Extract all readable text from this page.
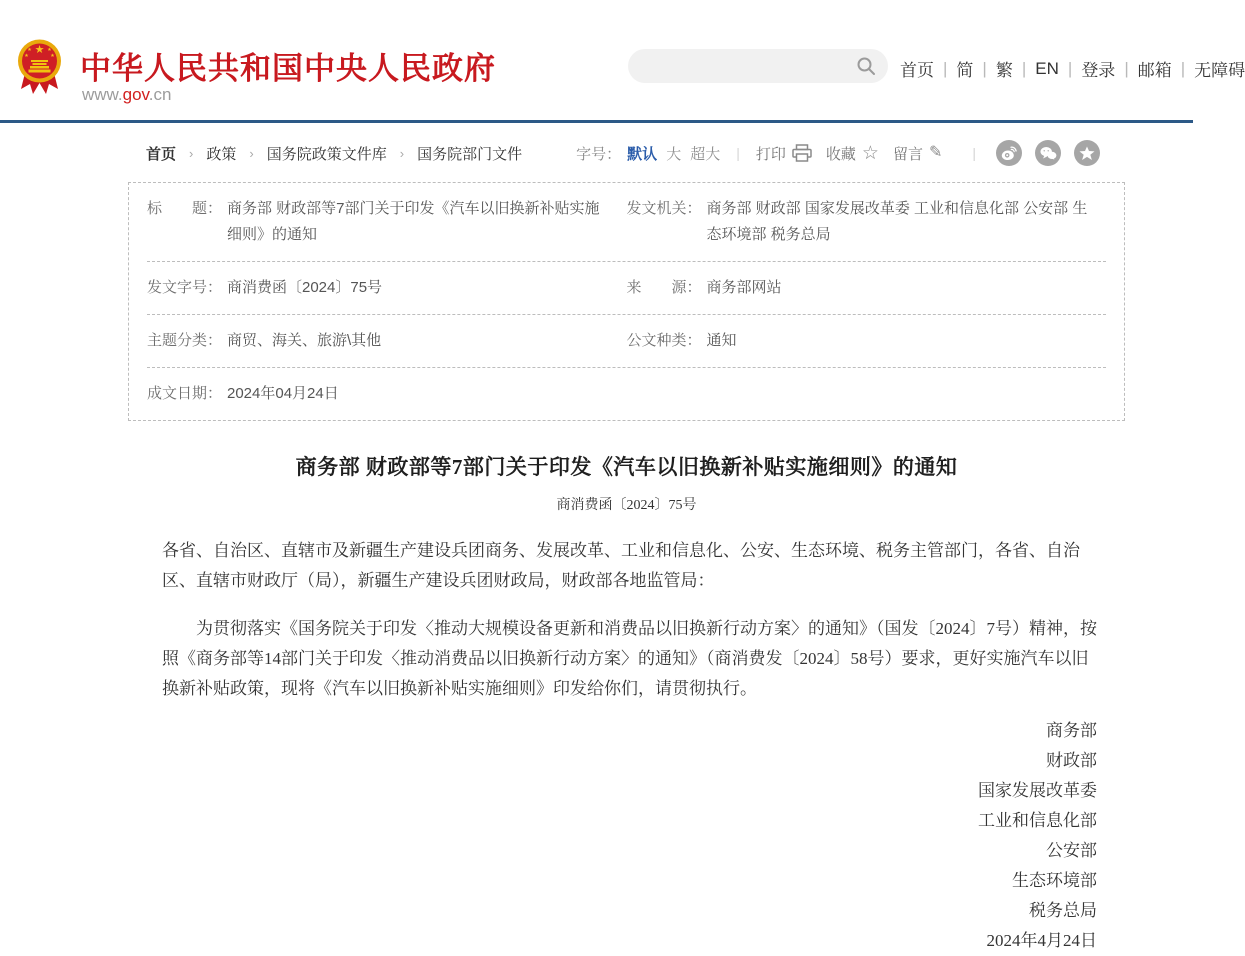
★
★	★
★	★ 中华人民共和国中央人民政府
www.gov.cn
首页 | 简 | 繁 | EN | 登录 | 邮箱 | 无障碍
首页 › 政策 › 国务院政策文件库 › 国务院部门文件	字号： 默认 大 超大 | 打印	收藏 ☆ 留言 ✎ |
标　　题： 商务部 财政部等7部门关于印发《汽车以旧换新补贴实施细则》的通知
发文机关： 商务部 财政部 国家发展改革委 工业和信息化部 公安部 生态环境部 税务总局
发文字号： 商消费函〔2024〕75号	来　　源： 商务部网站
主题分类： 商贸、海关、旅游\其他	公文种类： 通知
成文日期： 2024年04月24日
商务部 财政部等7部门关于印发《汽车以旧换新补贴实施细则》的通知
商消费函〔2024〕75号

各省、自治区、直辖市及新疆生产建设兵团商务、发展改革、工业和信息化、公安、生态环境、税务主管部门，各省、自治区、直辖市财政厅（局），新疆生产建设兵团财政局，财政部各地监管局：

为贯彻落实《国务院关于印发〈推动大规模设备更新和消费品以旧换新行动方案〉的通知》（国发〔2024〕7号）精神，按照《商务部等14部门关于印发〈推动消费品以旧换新行动方案〉的通知》（商消费发〔2024〕58号）要求，更好实施汽车以旧换新补贴政策，现将《汽车以旧换新补贴实施细则》印发给你们，请贯彻执行。

商务部
财政部
国家发展改革委
工业和信息化部
公安部
生态环境部
税务总局
2024年4月24日
